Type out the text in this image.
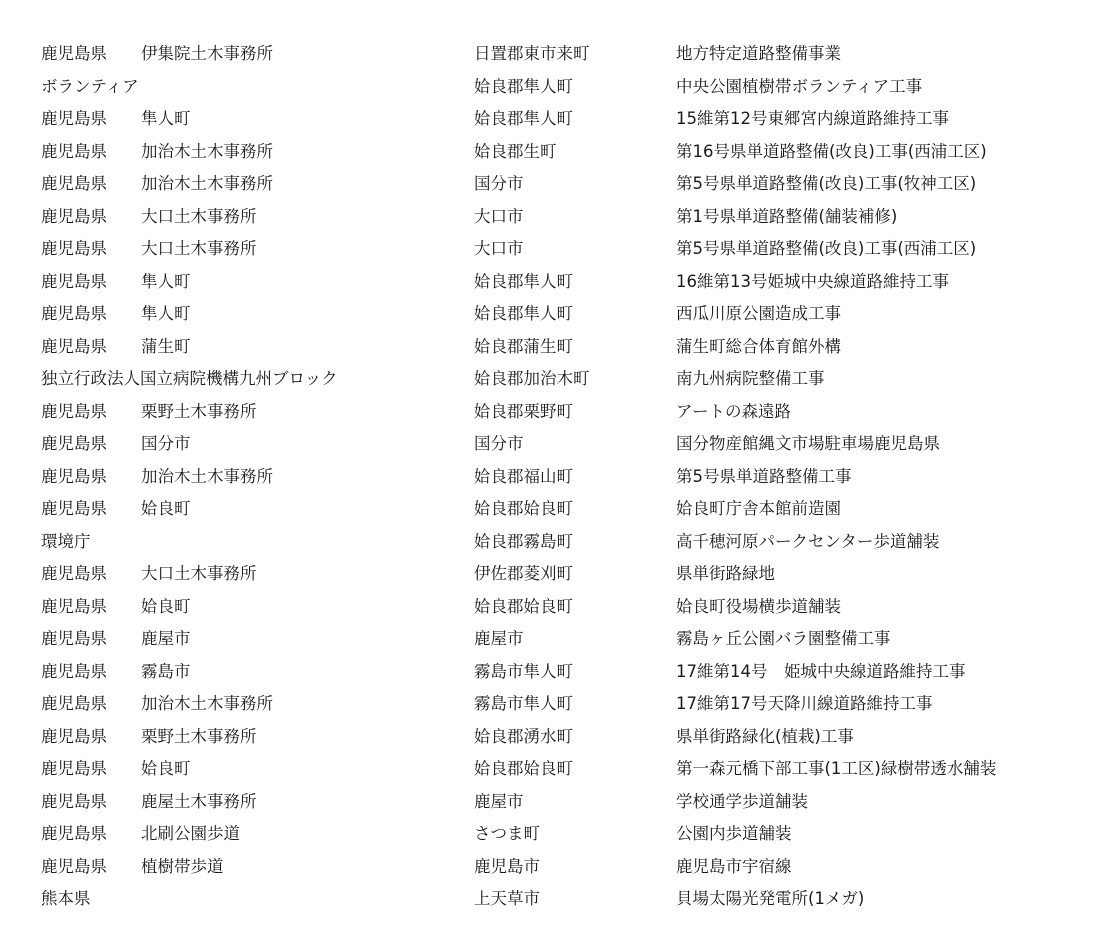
鹿児島県 伊集院土木事務所	日置郡東市来町	地方特定道路整備事業
ボランティア	姶良郡隼人町	中央公園植樹帯ボランティア工事
鹿児島県 隼人町	姶良郡隼人町	15維第12号東郷宮内線道路維持工事
鹿児島県 加治木土木事務所	姶良郡生町	第16号県単道路整備(改良)工事(西浦工区)
鹿児島県 加治木土木事務所	国分市	第5号県単道路整備(改良)工事(牧神工区)
鹿児島県 大口土木事務所	大口市	第1号県単道路整備(舗装補修)
鹿児島県 大口土木事務所	大口市	第5号県単道路整備(改良)工事(西浦工区)
鹿児島県 隼人町	姶良郡隼人町	16維第13号姫城中央線道路維持工事
鹿児島県 隼人町	姶良郡隼人町	西瓜川原公園造成工事
鹿児島県 蒲生町	姶良郡蒲生町	蒲生町総合体育館外構
独立行政法人国立病院機構九州ブロック	姶良郡加治木町	南九州病院整備工事
鹿児島県 栗野土木事務所	姶良郡栗野町	アートの森遠路
鹿児島県 国分市	国分市	国分物産館縄文市場駐車場鹿児島県
鹿児島県 加治木土木事務所	姶良郡福山町	第5号県単道路整備工事
鹿児島県 姶良町	姶良郡姶良町	姶良町庁舎本館前造園
環境庁	姶良郡霧島町	高千穂河原パークセンター歩道舗装
鹿児島県 大口土木事務所	伊佐郡菱刈町	県単街路緑地
鹿児島県 姶良町	姶良郡姶良町	姶良町役場横歩道舗装
鹿児島県 鹿屋市	鹿屋市	霧島ヶ丘公園バラ園整備工事
鹿児島県 霧島市	霧島市隼人町	17維第14号　姫城中央線道路維持工事
鹿児島県 加治木土木事務所	霧島市隼人町	17維第17号天降川線道路維持工事
鹿児島県 栗野土木事務所	姶良郡湧水町	県単街路緑化(植栽)工事
鹿児島県 姶良町	姶良郡姶良町	第一森元橋下部工事(1工区)緑樹帯透水舗装
鹿児島県 鹿屋土木事務所	鹿屋市	学校通学歩道舗装
鹿児島県 北刷公園歩道	さつま町	公園内歩道舗装
鹿児島県 植樹帯歩道	鹿児島市	鹿児島市宇宿線
熊本県	上天草市	貝場太陽光発電所(1メガ)
